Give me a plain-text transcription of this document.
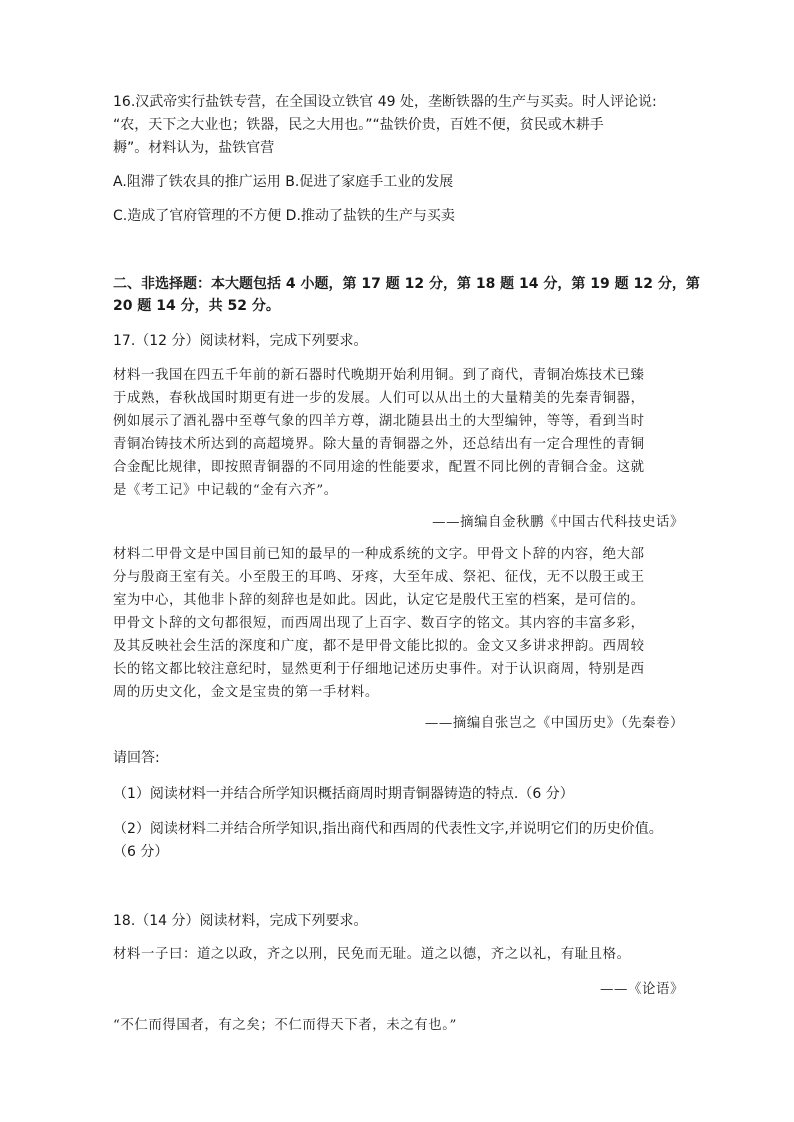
16.汉武帝实行盐铁专营，在全国设立铁官 49 处，垄断铁器的生产与买卖。时人评论说:
“农，天下之大业也；铁器，民之大用也。”“盐铁价贵，百姓不便，贫民或木耕手
耨”。材料认为，盐铁官营
A.阻滞了铁农具的推广运用 B.促进了家庭手工业的发展
C.造成了官府管理的不方便 D.推动了盐铁的生产与买卖
二、非选择题：本大题包括 4 小题，第 17 题 12 分，第 18 题 14 分，第 19 题 12 分，第
20 题 14 分，共 52 分。
17.（12 分）阅读材料，完成下列要求。
材料一我国在四五千年前的新石器时代晚期开始利用铜。到了商代，青铜冶炼技术已臻
于成熟，春秋战国时期更有进一步的发展。人们可以从出土的大量精美的先秦青铜器，
例如展示了酒礼器中至尊气象的四羊方尊，湖北随县出土的大型编钟，等等，看到当时
青铜冶铸技术所达到的高超境界。除大量的青铜器之外，还总结出有一定合理性的青铜
合金配比规律，即按照青铜器的不同用途的性能要求，配置不同比例的青铜合金。这就
是《考工记》中记载的“金有六齐”。
——摘编自金秋鹏《中国古代科技史话》
材料二甲骨文是中国目前已知的最早的一种成系统的文字。甲骨文卜辞的内容，绝大部
分与殷商王室有关。小至殷王的耳鸣、牙疼，大至年成、祭祀、征伐，无不以殷王或王
室为中心，其他非卜辞的刻辞也是如此。因此，认定它是殷代王室的档案，是可信的。
甲骨文卜辞的文句都很短，而西周出现了上百字、数百字的铭文。其内容的丰富多彩，
及其反映社会生活的深度和广度，都不是甲骨文能比拟的。金文又多讲求押韵。西周较
长的铭文都比较注意纪时，显然更利于仔细地记述历史事件。对于认识商周，特别是西
周的历史文化，金文是宝贵的第一手材料。
——摘编自张岂之《中国历史》（先秦卷）
请回答:
（1）阅读材料一并结合所学知识概括商周时期青铜器铸造的特点.（6 分）
（2）阅读材料二并结合所学知识,指出商代和西周的代表性文字,并说明它们的历史价值。
（6 分）
18.（14 分）阅读材料，完成下列要求。
材料一子曰：道之以政，齐之以刑，民免而无耻。道之以德，齐之以礼，有耻且格。
——《论语》
“不仁而得国者，有之矣；不仁而得天下者，未之有也。”
